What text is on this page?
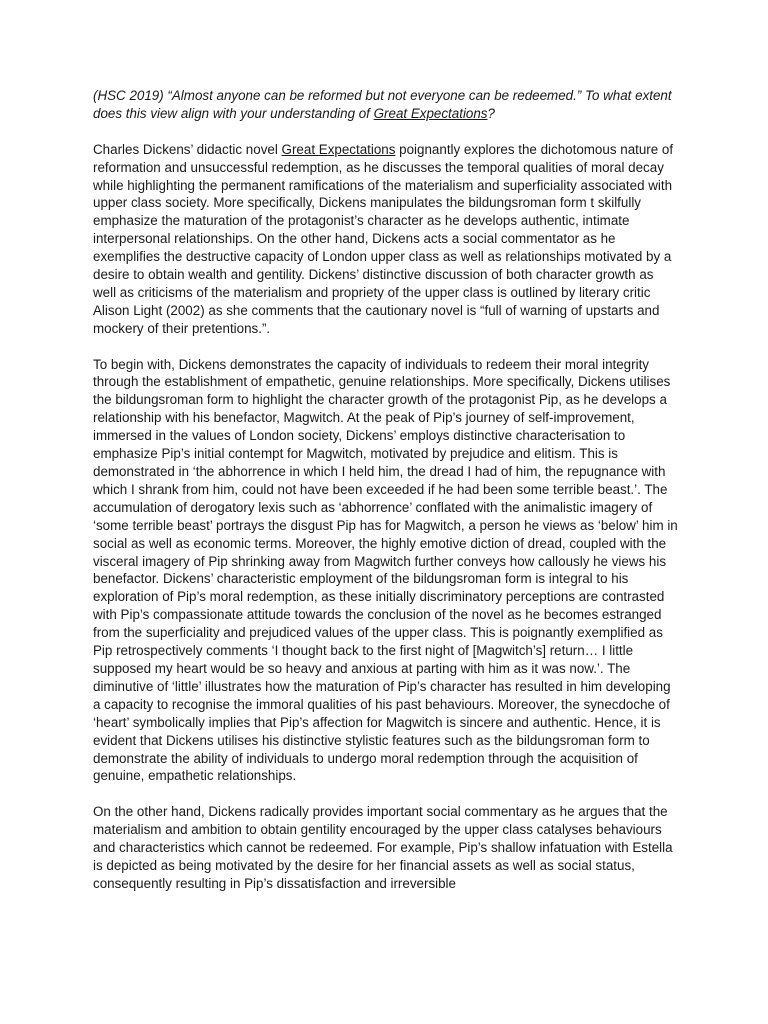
(HSC 2019) “Almost anyone can be reformed but not everyone can be redeemed.” To what extent does this view align with your understanding of Great Expectations?

Charles Dickens’ didactic novel Great Expectations poignantly explores the dichotomous nature of reformation and unsuccessful redemption, as he discusses the temporal qualities of moral decay while highlighting the permanent ramifications of the materialism and superficiality associated with upper class society. More specifically, Dickens manipulates the bildungsroman form t skilfully emphasize the maturation of the protagonist’s character as he develops authentic, intimate interpersonal relationships. On the other hand, Dickens acts a social commentator as he exemplifies the destructive capacity of London upper class as well as relationships motivated by a desire to obtain wealth and gentility. Dickens’ distinctive discussion of both character growth as well as criticisms of the materialism and propriety of the upper class is outlined by literary critic Alison Light (2002) as she comments that the cautionary novel is “full of warning of upstarts and mockery of their pretentions.”.

To begin with, Dickens demonstrates the capacity of individuals to redeem their moral integrity through the establishment of empathetic, genuine relationships. More specifically, Dickens utilises the bildungsroman form to highlight the character growth of the protagonist Pip, as he develops a relationship with his benefactor, Magwitch. At the peak of Pip’s journey of self-improvement, immersed in the values of London society, Dickens’ employs distinctive characterisation to emphasize Pip’s initial contempt for Magwitch, motivated by prejudice and elitism. This is demonstrated in ‘the abhorrence in which I held him, the dread I had of him, the repugnance with which I shrank from him, could not have been exceeded if he had been some terrible beast.’. The accumulation of derogatory lexis such as ‘abhorrence’ conflated with the animalistic imagery of ‘some terrible beast’ portrays the disgust Pip has for Magwitch, a person he views as ‘below’ him in social as well as economic terms. Moreover, the highly emotive diction of dread, coupled with the visceral imagery of Pip shrinking away from Magwitch further conveys how callously he views his benefactor. Dickens’ characteristic employment of the bildungsroman form is integral to his exploration of Pip’s moral redemption, as these initially discriminatory perceptions are contrasted with Pip’s compassionate attitude towards the conclusion of the novel as he becomes estranged from the superficiality and prejudiced values of the upper class. This is poignantly exemplified as Pip retrospectively comments ‘I thought back to the first night of [Magwitch’s] return… I little supposed my heart would be so heavy and anxious at parting with him as it was now.’. The diminutive of ‘little’ illustrates how the maturation of Pip’s character has resulted in him developing a capacity to recognise the immoral qualities of his past behaviours. Moreover, the synecdoche of ‘heart’ symbolically implies that Pip’s affection for Magwitch is sincere and authentic. Hence, it is evident that Dickens utilises his distinctive stylistic features such as the bildungsroman form to demonstrate the ability of individuals to undergo moral redemption through the acquisition of genuine, empathetic relationships.

On the other hand, Dickens radically provides important social commentary as he argues that the materialism and ambition to obtain gentility encouraged by the upper class catalyses behaviours and characteristics which cannot be redeemed. For example, Pip’s shallow infatuation with Estella is depicted as being motivated by the desire for her financial assets as well as social status, consequently resulting in Pip’s dissatisfaction and irreversible
